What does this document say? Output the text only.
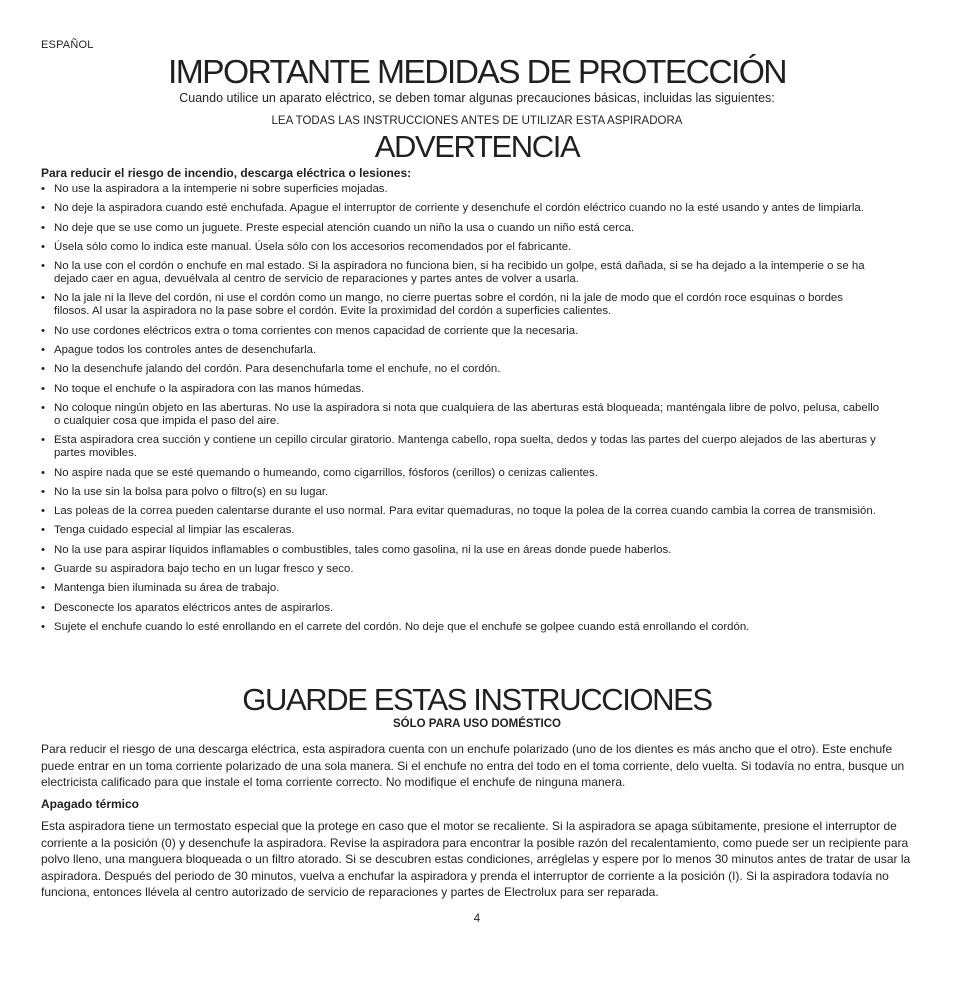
ESPAÑOL
IMPORTANTE MEDIDAS DE PROTECCIÓN
Cuando utilice un aparato eléctrico, se deben tomar algunas precauciones básicas, incluidas las siguientes:
LEA TODAS LAS INSTRUCCIONES ANTES DE UTILIZAR ESTA ASPIRADORA
ADVERTENCIA
Para reducir el riesgo de incendio, descarga eléctrica o lesiones:
• No use la aspiradora a la intemperie ni sobre superficies mojadas.
• No deje la aspiradora cuando esté enchufada. Apague el interruptor de corriente y desenchufe el cordón eléctrico cuando no la esté usando y antes de limpiarla.
• No deje que se use como un juguete. Preste especial atención cuando un niño la usa o cuando un niño está cerca.
• Úsela sólo como lo indica este manual. Úsela sólo con los accesorios recomendados por el fabricante.
• No la use con el cordón o enchufe en mal estado. Si la aspiradora no funciona bien, si ha recibido un golpe, está dañada, si se ha dejado a la intemperie o se ha dejado caer en agua, devuélvala al centro de servicio de reparaciones y partes antes de volver a usarla.
• No la jale ni la lleve del cordón, ni use el cordón como un mango, no cierre puertas sobre el cordón, ni la jale de modo que el cordón roce esquinas o bordes filosos. Al usar la aspiradora no la pase sobre el cordón. Evite la proximidad del cordón a superficies calientes.
• No use cordones eléctricos extra o toma corrientes con menos capacidad de corriente que la necesaria.
• Apague todos los controles antes de desenchufarla.
• No la desenchufe jalando del cordón. Para desenchufarla tome el enchufe, no el cordón.
• No toque el enchufe o la aspiradora con las manos húmedas.
• No coloque ningún objeto en las aberturas. No use la aspiradora si nota que cualquiera de las aberturas está bloqueada; manténgala libre de polvo, pelusa, cabello o cualquier cosa que impida el paso del aire.
• Esta aspiradora crea succión y contiene un cepillo circular giratorio. Mantenga cabello, ropa suelta, dedos y todas las partes del cuerpo alejados de las aberturas y partes movibles.
• No aspire nada que se esté quemando o humeando, como cigarrillos, fósforos (cerillos) o cenizas calientes.
• No la use sin la bolsa para polvo o filtro(s) en su lugar.
• Las poleas de la correa pueden calentarse durante el uso normal. Para evitar quemaduras, no toque la polea de la correa cuando cambia la correa de transmisión.
• Tenga cuidado especial al limpiar las escaleras.
• No la use para aspirar líquidos inflamables o combustibles, tales como gasolina, ni la use en áreas donde puede haberlos.
• Guarde su aspiradora bajo techo en un lugar fresco y seco.
• Mantenga bien iluminada su área de trabajo.
• Desconecte los aparatos eléctricos antes de aspirarlos.
• Sujete el enchufe cuando lo esté enrollando en el carrete del cordón. No deje que el enchufe se golpee cuando está enrollando el cordón.
GUARDE ESTAS INSTRUCCIONES
SÓLO PARA USO DOMÉSTICO

Para reducir el riesgo de una descarga eléctrica, esta aspiradora cuenta con un enchufe polarizado (uno de los dientes es más ancho que el otro). Este enchufe puede entrar en un toma corriente polarizado de una sola manera. Si el enchufe no entra del todo en el toma corriente, delo vuelta. Si todavía no entra, busque un electricista calificado para que instale el toma corriente correcto. No modifique el enchufe de ninguna manera.

Apagado térmico

Esta aspiradora tiene un termostato especial que la protege en caso que el motor se recaliente. Si la aspiradora se apaga súbitamente, presione el interruptor de corriente a la posición (0) y desenchufe la aspiradora. Revise la aspiradora para encontrar la posible razón del recalentamiento, como puede ser un recipiente para polvo lleno, una manguera bloqueada o un filtro atorado. Si se descubren estas condiciones, arréglelas y espere por lo menos 30 minutos antes de tratar de usar la aspiradora. Después del periodo de 30 minutos, vuelva a enchufar la aspiradora y prenda el interruptor de corriente a la posición (I). Si la aspiradora todavía no funciona, entonces llévela al centro autorizado de servicio de reparaciones y partes de Electrolux para ser reparada.

4
